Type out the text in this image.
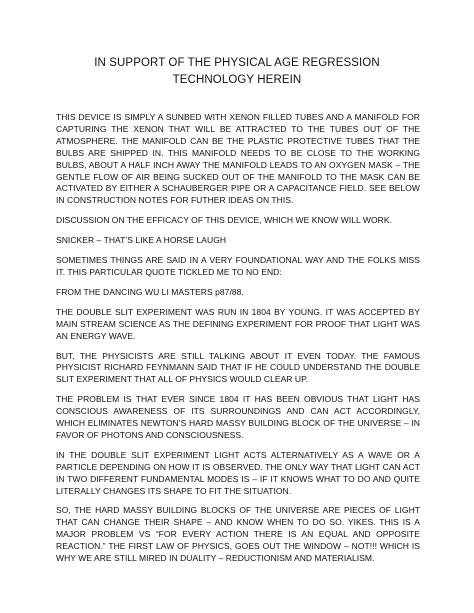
IN SUPPORT OF THE PHYSICAL AGE REGRESSION
TECHNOLOGY HEREIN

THIS DEVICE IS SIMPLY A SUNBED WITH XENON FILLED TUBES AND A MANIFOLD FOR CAPTURING THE XENON THAT WILL BE ATTRACTED TO THE TUBES OUT OF THE ATMOSPHERE. THE MANIFOLD CAN BE THE PLASTIC PROTECTIVE TUBES THAT THE BULBS ARE SHIPPED IN. THIS MANIFOLD NEEDS TO BE CLOSE TO THE WORKING BULBS, ABOUT A HALF INCH AWAY THE MANIFOLD LEADS TO AN OXYGEN MASK – THE GENTLE FLOW OF AIR BEING SUCKED OUT OF THE MANIFOLD TO THE MASK CAN BE ACTIVATED BY EITHER A SCHAUBERGER PIPE OR A CAPACITANCE FIELD. SEE BELOW IN CONSTRUCTION NOTES FOR FUTHER IDEAS ON THIS.

DISCUSSION ON THE EFFICACY OF THIS DEVICE, WHICH WE KNOW WILL WORK.

SNICKER – THAT’S LIKE A HORSE LAUGH

SOMETIMES THINGS ARE SAID IN A VERY FOUNDATIONAL WAY AND THE FOLKS MISS IT. THIS PARTICULAR QUOTE TICKLED ME TO NO END:

FROM THE DANCING WU LI MASTERS p87/88.

THE DOUBLE SLIT EXPERIMENT WAS RUN IN 1804 BY YOUNG. IT WAS ACCEPTED BY MAIN STREAM SCIENCE AS THE DEFINING EXPERIMENT FOR PROOF THAT LIGHT WAS AN ENERGY WAVE.

BUT, THE PHYSICISTS ARE STILL TALKING ABOUT IT EVEN TODAY. THE FAMOUS PHYSICIST RICHARD FEYNMANN SAID THAT IF HE COULD UNDERSTAND THE DOUBLE SLIT EXPERIMENT THAT ALL OF PHYSICS WOULD CLEAR UP.

THE PROBLEM IS THAT EVER SINCE 1804 IT HAS BEEN OBVIOUS THAT LIGHT HAS CONSCIOUS AWARENESS OF ITS SURROUNDINGS AND CAN ACT ACCORDINGLY, WHICH ELIMINATES NEWTON’S HARD MASSY BUILDING BLOCK OF THE UNIVERSE – IN FAVOR OF PHOTONS AND CONSCIOUSNESS.

IN THE DOUBLE SLIT EXPERIMENT LIGHT ACTS ALTERNATIVELY AS A WAVE OR A PARTICLE DEPENDING ON HOW IT IS OBSERVED. THE ONLY WAY THAT LIGHT CAN ACT IN TWO DIFFERENT FUNDAMENTAL MODES IS – IF IT KNOWS WHAT TO DO AND QUITE LITERALLY CHANGES ITS SHAPE TO FIT THE SITUATION.

SO, THE HARD MASSY BUILDING BLOCKS OF THE UNIVERSE ARE PIECES OF LIGHT THAT CAN CHANGE THEIR SHAPE – AND KNOW WHEN TO DO SO. YIKES. THIS IS A MAJOR PROBLEM VS “FOR EVERY ACTION THERE IS AN EQUAL AND OPPOSITE REACTION.” THE FIRST LAW OF PHYSICS, GOES OUT THE WINDOW – NOT!!! WHICH IS WHY WE ARE STILL MIRED IN DUALITY – REDUCTIONISM AND MATERIALISM.
